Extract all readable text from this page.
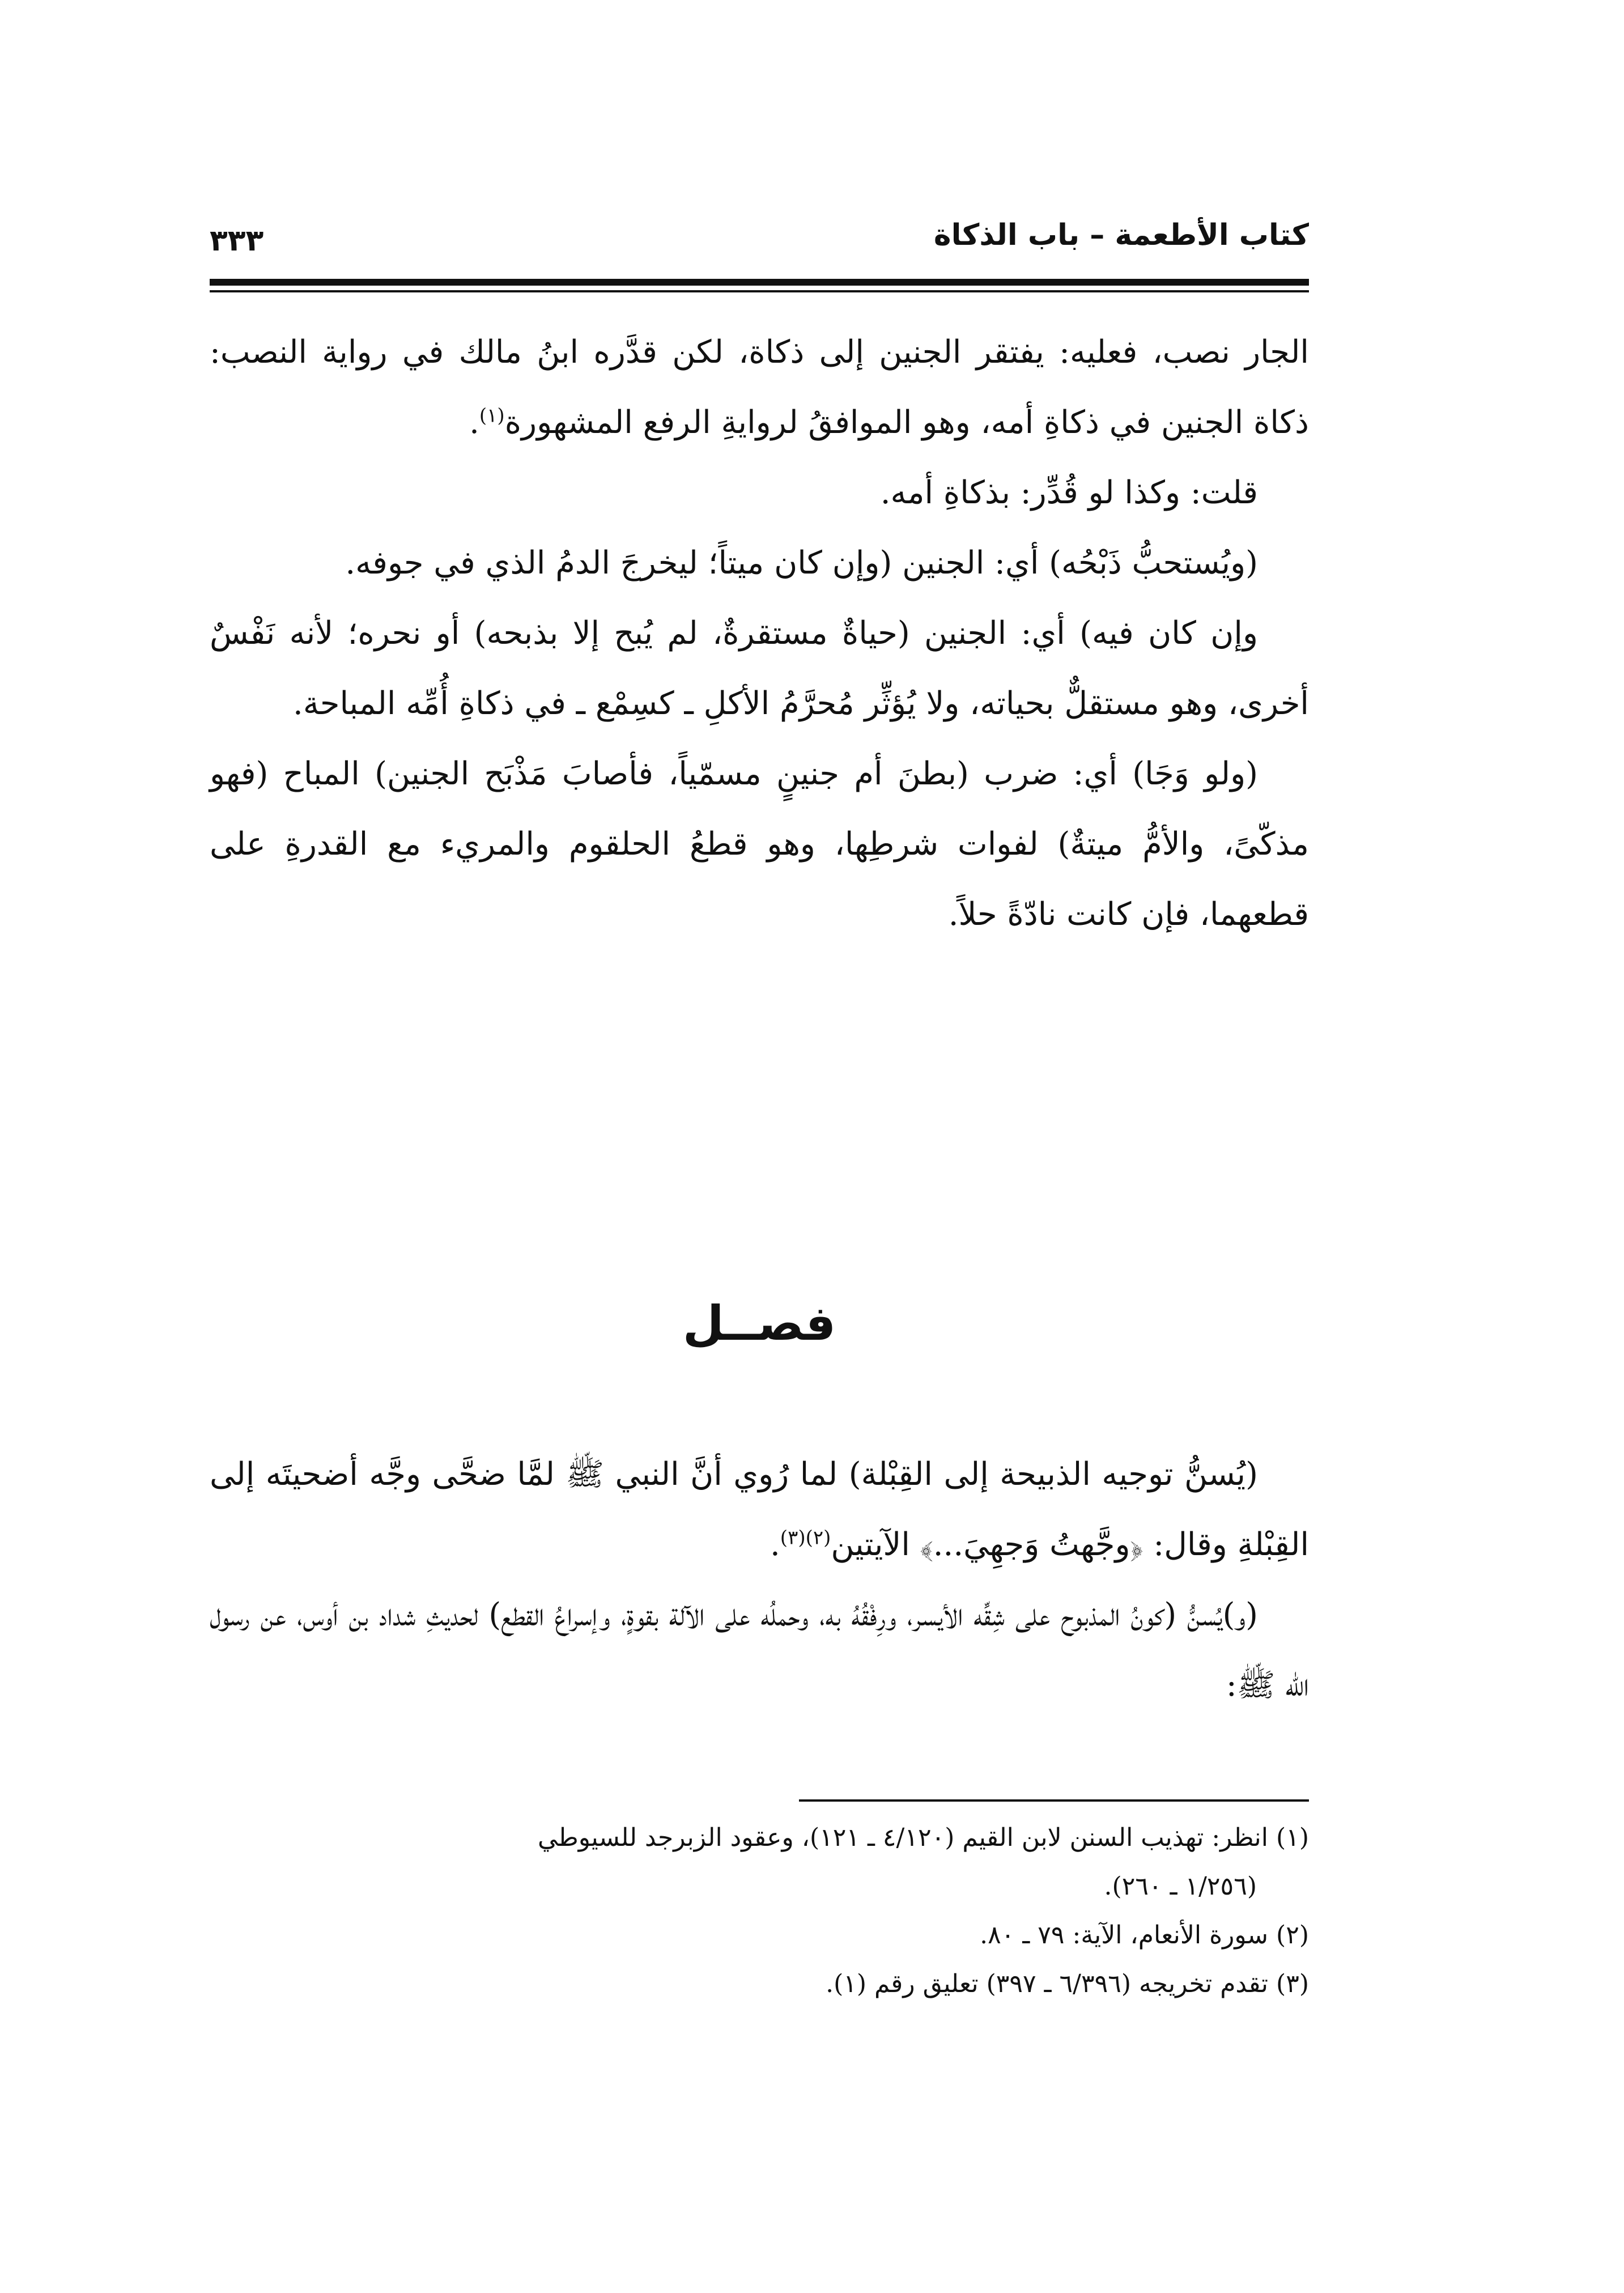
كتاب الأطعمة – باب الذكاة
٣٣٣

الجار نصب، فعليه: يفتقر الجنين إلى ذكاة، لكن قدَّره ابنُ مالك في رواية النصب: ذكاة الجنين في ذكاةِ أمه، وهو الموافقُ لروايةِ الرفع المشهورة$^{(١)}$.

قلت: وكذا لو قُدِّر: بذكاةِ أمه.

(ويُستحبُّ ذَبْحُه) أي: الجنين (وإن كان ميتاً؛ ليخرجَ الدمُ الذي في جوفه.

وإن كان فيه) أي: الجنين (حياةٌ مستقرةٌ، لم يُبح إلا بذبحه) أو نحره؛ لأنه نَفْسٌ أخرى، وهو مستقلٌّ بحياته، ولا يُؤثِّر مُحرَّمُ الأكلِ ـ كسِمْع ـ في ذكاةِ أُمِّه المباحة.

(ولو وَجَا) أي: ضرب (بطنَ أم جنينٍ مسمّياً، فأصابَ مَذْبَح الجنين) المباح (فهو مذكّىً، والأمُّ ميتةٌ) لفوات شرطِها، وهو قطعُ الحلقوم والمريء مع القدرةِ على قطعهما، فإن كانت نادّةً حلاً.

فصــل

(يُسنُّ توجيه الذبيحة إلى القِبْلة) لما رُوي أنَّ النبي ﷺ لمَّا ضحَّى وجَّه أضحيتَه إلى القِبْلةِ وقال: ﴿وجَّهتُ وَجهِيَ...﴾ الآيتين$^{(٢)(٣)}$.

(و)يُسنُّ (كونُ المذبوح على شِقِّه الأيسر، ورِفْقُهُ به، وحملُه على الآلة بقوةٍ، وإسراعُ القطع) لحديثِ شداد بن أوس، عن رسول الله ﷺ:

(١) انظر: تهذيب السنن لابن القيم (٤/١٢٠ ـ ١٢١)، وعقود الزبرجد للسيوطي

(١/٢٥٦ ـ ٢٦٠).

(٢) سورة الأنعام، الآية: ٧٩ ـ ٨٠.

(٣) تقدم تخريجه (٦/٣٩٦ ـ ٣٩٧) تعليق رقم (١).
